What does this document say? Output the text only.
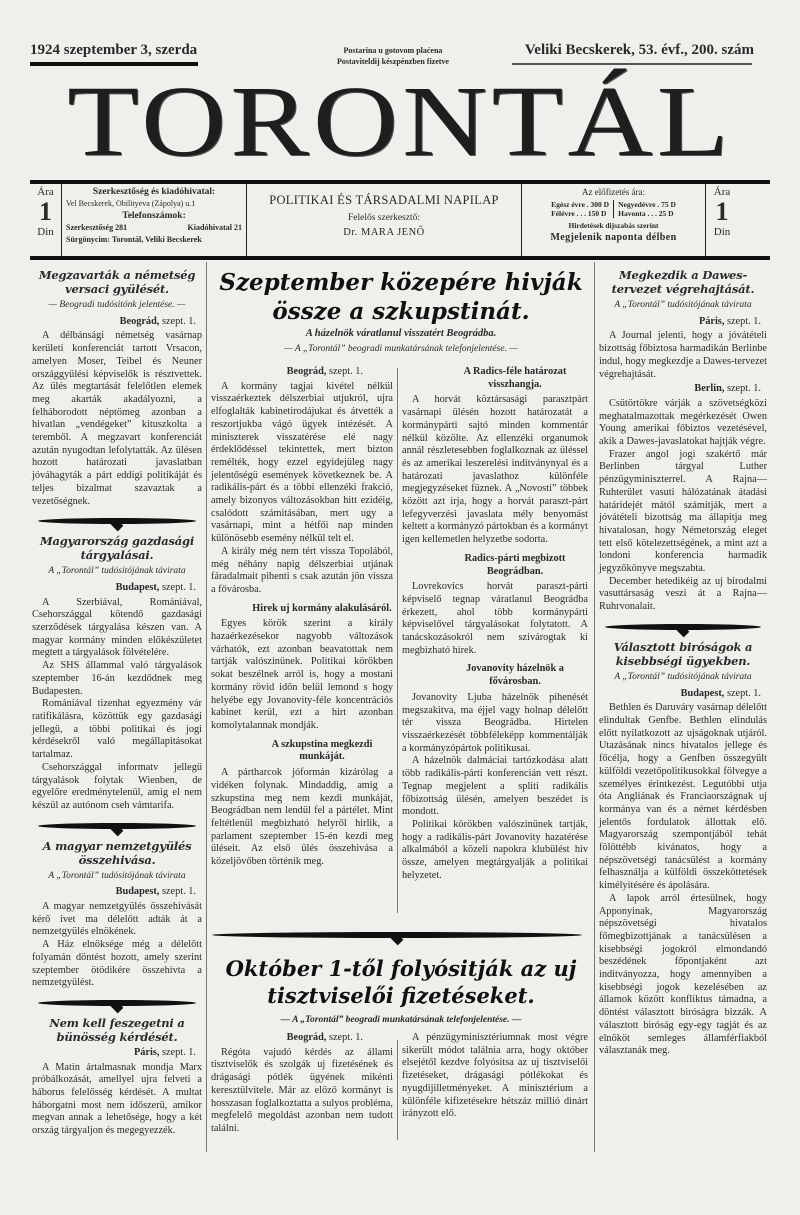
1924 szeptember 3, szerda	Postarina u gotovom plaćena
Postaviteldij készpénzben fizetve
Veliki Becskerek, 53. évf., 200. szám
TORONTÁL
Ára
1
Din
Szerkesztőség és kiadóhivatal:
Vel Becskerek, Obilityeva (Zápolya) u.1
Telefonszámok:
Szerkesztőség 281	Kiadóhivatal 21
Sürgönycim: Torontál, Veliki Becskerek
POLITIKAI ÉS TÁRSADALMI NAPILAP
Felelős szerkesztő:
Dr. MARA JENŐ
Az előfizetés ára:
Egész évre . 300 D
Félévre . . . 150 D
Negyedévre . 75 D
Havonta . . . 25 D
Hirdetések dijszabás szerint
Megjelenik naponta délben
Ára
1
Din
Megzavarták a németség versaci gyülését.
— Beogradi tudósitónk jelentése. —
Beográd, szept. 1.

A délbánsági németség vasárnap kerületi konferenciát tartott Vrsacon, amelyen Moser, Teibel és Neuner országgyülési képviselők is résztvettek. Az ülés megtartását felelőtlen elemek meg akarták akadályozni, a felháborodott néptömeg azonban a hivatlan „vendégeket” kituszkolta a teremből. A megzavart konferenciát azután nyugodtan lefolytatták. Az ülésen hozott határozati javaslatban jóváhagyták a párt eddigi politikáját és teljes bizalmat szavaztak a vezetőségnek.

Magyarország gazdasági tárgyalásai.
A „Torontál” tudósitójának távirata
Budapest, szept. 1.

A Szerbiával, Romániával, Csehországgal kötendő gazdasági szerződések tárgyalása készen van. A magyar kormány minden előkészületet megtett a tárgyalások fölvételére.

Az SHS állammal való tárgyalások szeptember 16-án kezdődnek meg Budapesten.

Romániával tizenhat egyezmény vár ratifikálásra, közöttük egy gazdasági jellegü, a többi politikai és jogi kérdésekről való megállapitásokat tartalmaz.

Csehországgal informatv jellegü tárgyalások folytak Wienben, de egyelőre eredménytelenül, amig el nem készül az autónom cseh vámtarifa.

A magyar nemzetgyülés összehivása.
A „Torontál” tudósitójának távirata
Budapest, szept. 1.

A magyar nemzetgyülés összehivását kérő ivet ma délelőtt adták át a nemzetgyülés elnökének.

A Ház elnöksége még a délelőtt folyamán döntést hozott, amely szerint szeptember ötödikére összehivta a nemzetgyülést.

Nem kell feszegetni a bünösség kérdését.
Páris, szept. 1.

A Matin ártalmasnak mondja Marx próbálkozását, amellyel ujra felveti a háborus felelősség kérdését. A multat háborgatni most nem időszerü, amikor megvan annak a lehetősége, hogy a két ország tárgyaljon és megegyezzék.

Szeptember közepére hivják össze a szkupstinát.
A házelnök váratlanul visszatért Beográdba.
— A „Torontál” beogradi munkatársának telefonjelentése. —
Beográd, szept. 1.

A kormány tagjai kivétel nélkül visszaérkeztek délszerbiai utjukról, ujra elfoglalták kabinetirodájukat és átvették a reszortjukba vágó ügyek intézését. A miniszterek visszatérése elé nagy érdeklődéssel tekintettek, mert bizton remélték, hogy ezzel egyidejüleg nagy jelentőségü események következnek be. A radikális-párt és a többi ellenzéki frakció, amely bizonyos változásokban hitt ezidéig, csalódott számitásában, mert ugy a vasárnapi, mint a hétfői nap minden különösebb esemény nélkül telt el.

A király még nem tért vissza Topolából, még néhány napig délszerbiai utjának fáradalmait pihenti s csak azután jön vissza a fővárosba.

Hirek uj kormány alakulásáról.

Egyes körök szerint a király hazaérkezésekor nagyobb változások várhatók, ezt azonban beavatottak nem tartják valószinünek. Politikai körökben sokat beszélnek arról is, hogy a mostani kormány rövid időn belül lemond s hogy helyébe egy Jovanovity-féle koncentrációs kabinet kerül, ezt a hirt azonban komolytalannak mondják.

A szkupstina megkezdi munkáját.

A pártharcok jóformán kizárólag a vidéken folynak. Mindaddig, amig a szkupstina meg nem kezdi munkáját, Beográdban nem lendül fel a pártélet. Mint feltétlenül megbizható helyről hirlik, a parlament szeptember 15-én kezdi meg üléseit. Az első ülés összehivása a közeljövőben történik meg.

A Radics-féle határozat visszhangja.

A horvát köztársasági parasztpárt vasárnapi ülésén hozott határozatát a kormánypárti sajtó minden kommentár nélkül közölte. Az ellenzéki organumok annál részletesebben foglalkoznak az üléssel és az amerikai leszerelési inditványnyal és a határozati javaslathoz különféle megjegyzéseket füznek. A „Novosti” többek között azt irja, hogy a horvát paraszt-párt lefegyverzési javaslata mély benyomást keltett a kormányzó pártokban és a kormányt igen kellemetlen helyzetbe sodorta.

Radics-párti megbizott Beográdban.

Lovrekovics horvát paraszt-párti képviselő tegnap váratlanul Beográdba érkezett, ahol több kormánypárti képviselővel tárgyalásokat folytatott. A tanácskozásokról nem szivárogtak ki megbizható hirek.

Jovanovity házelnök a fővárosban.

Jovanovity Ljuba házelnök pihenését megszakitva, ma éjjel vagy holnap délelőtt tér vissza Beográdba. Hirtelen visszaérkezését többféleképp kommentálják a kormányzópártok politikusai.

A házelnök dalmáciai tartózkodása alatt több radikális-párti konferencián vett részt. Tegnap megjelent a spliti radikális főbizottság ülésén, amelyen beszédet is mondott.

Politikai körökben valószinünek tartják, hogy a radikális-párt Jovanovity hazatérése alkalmából a közeli napokra klubülést hiv össze, amelyen megtárgyalják a politikai helyzetet.

Október 1-től folyósitják az uj tisztviselői fizetéseket.
— A „Torontál” beogradi munkatársának telefonjelentése. —
Beográd, szept. 1.

Régóta vajudó kérdés az állami tisztviselők és szolgák uj fizetésének és drágasági pótlék ügyének mikénti keresztülvitele. Már az előző kormányt is hosszasan foglalkoztatta a sulyos probléma, megfelelő megoldást azonban nem tudott találni.

A pénzügyminisztériumnak most végre sikerült módot találnia arra, hogy október elsejétől kezdve folyósitsa az uj tisztviselői fizetéseket, drágasági pótlékokat és nyugdijilletményeket. A minisztérium a különféle kifizetésekre hétszáz millió dinárt irányzott elő.

Megkezdik a Dawes-tervezet végrehajtását.
A „Torontál” tudósitójának távirata
Páris, szept. 1.

A Journal jelenti, hogy a jóvátételi bizottság főbiztosa harmadikán Berlinbe indul, hogy megkezdje a Dawes-tervezet végrehajtását.

Berlin, szept. 1.

Csütörtökre várják a szövetségközi meghatalmazottak megérkezését Owen Young amerikai főbiztos vezetésével, akik a Dawes-javaslatokat hajtják végre.

Frazer angol jogi szakértő már Berlinben tárgyal Luther pénzügyminiszterrel. A Rajna—Ruhterület vasuti hálózatának átadási határidejét mától számitják, mert a jóvátételi bizottság ma állapitja meg hivatalosan, hogy Németország eleget tett első kötelezettségének, a mint azt a londoni konferencia harmadik jegyzőkönyve megszabta.

December hetedikéig az uj birodalmi vasuttársaság veszi át a Rajna—Ruhrvonalait.

Választott biróságok a kisebbségi ügyekben.
A „Torontál” tudósitójának távirata
Budapest, szept. 1.

Bethlen és Daruváry vasárnap délelőtt elindultak Genfbe. Bethlen elindulás előtt nyilatkozott az ujságoknak utjáról. Utazásának nincs hivatalos jellege és főcélja, hogy a Genfben összegyült külföldi vezetőpolitikusokkal fölvegye a személyes érintkezést. Legutóbbi utja óta Angliának és Franciaországnak uj kormánya van és a német kérdésben jelentős fordulatok állottak elő. Magyarország szempontjából tehát fölöttébb kivánatos, hogy a népszövetségi tanácsülést a kormány felhasználja a külföldi összeköttetések kimélyitésére és ápolására.

A lapok arról értesülnek, hogy Apponyinak, Magyarország népszövetségi hivatalos főmegbizottjának a tanácsülésen a kisebbségi jogokról elmondandó beszédének főpontjaként azt inditványozza, hogy amennyiben a kisebbségi jogok kezelésében az államok között konfliktus támadna, a döntést választott biróságra bizzák. A választott biróság egy-egy tagját és az elnököt semleges államférfiakból választanák meg.
